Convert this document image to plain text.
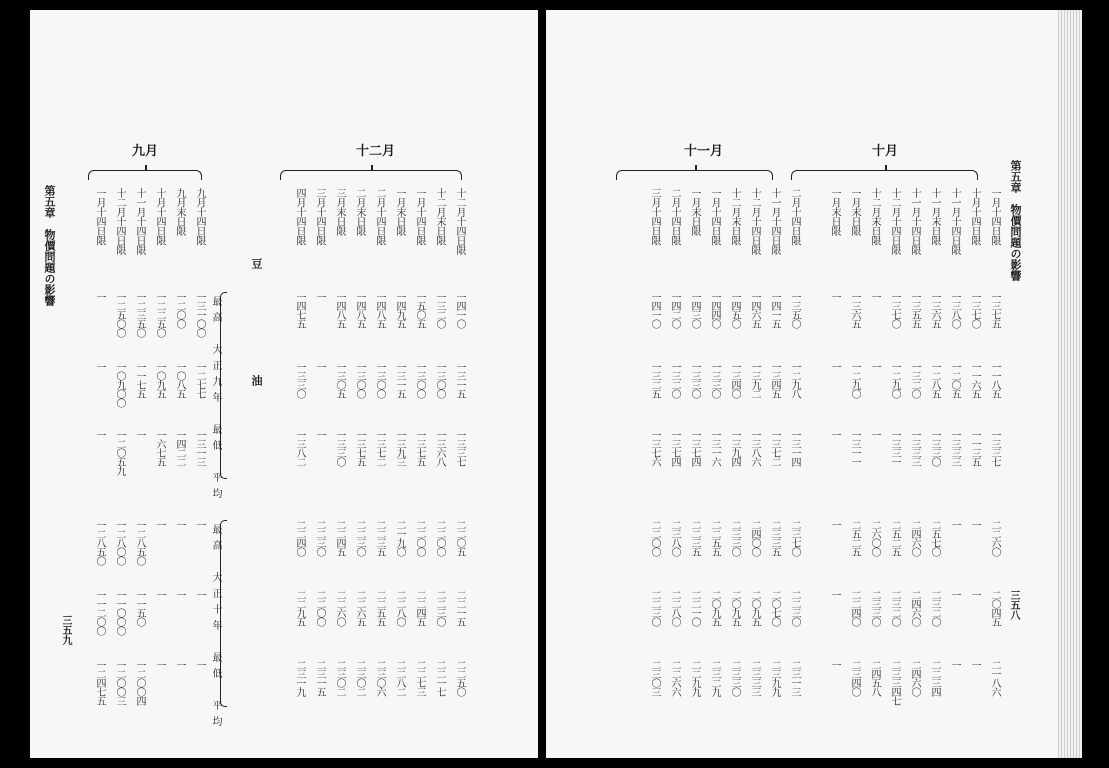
第五章　物價問題の影響
三五九
九月	十二月
豆　　油
最高　大正九年　最低　平均
最高　大正十年　最低　平均
十二月十四日限
一四一〇
一三一五
一三三七
二二〇五
二二一五
二二五〇
十二月末日限
一三二〇
一三〇〇
一三六八
二二〇〇
二二三〇
二二一七
一月十四日限
一五〇五
一三〇〇
一三七五
二二〇〇
二二四五
二二七三
一月末日限
一四九五
一三一五
一三九三
二一九〇
二二八〇
二二八二
二月十四日限
一四八五
一三〇〇
一三七二
二二三五
二二五五
二三〇六
二月末日限
一四八五
一三〇〇
一三七五
二二三〇
二二六五
二三〇二
三月末日限
一四八五
一三〇五
一三三〇
二二四五
二二六〇
二三〇二
三月十四日限
一
一
一
二二三〇
二二〇〇
二三一五
四月十四日限
一四七五
一三三〇
一三八二
二二四〇
二二九五
二三一九
九月十四日限
一三一〇〇
一二七七
一三一三
一
一
一
九月末日限
一二〇〇
一〇八五
一四二二
一
一
一
十月十四日限
一二二五〇
一〇九五
一六七五
一
一
一
十一月十四日限
一二三五〇
一一七五
一
一二八五〇
一一五〇
一二〇〇四
十二月十四日限
一二五〇〇
一〇九〇〇
一二〇五九
一二八〇〇
一一〇〇〇
一二〇〇三
一月十四日限
一
一
一
一二八五〇
一一二〇〇
一二四七五
第五章　物價問題の影響
三五八
十一月	十月
一月十四日限
一三七五
一一八五
一三三七
二二六〇
二〇四五
二一八六
十月十四日限
一三七〇
一一六五
一一三五
一
一
一
十一月十四日限
一三八〇
一二〇五
一三三三
一
一
一
十一月末日限
一三六五
一二八五
一三三〇
二五七〇
二三二〇
二二三四
十一月十四日限
一三五五
一三二〇
一三三三
二四六〇
二四六〇
二四六〇
十二月十四日限
一三七〇
一二九〇
一三三一
二五二五
二三二〇
二三三四七
十二月末日限
一
一
一
二六〇〇
二三三〇
二四五八
一月末日限
一三六五
一二九〇
一三一一
二五二五
二二四〇
二三四〇
一月末日限
一
一
一
一
一
一
二月十四日限
一三五〇
一二九八
一三一四
二三七〇
二二三〇
二三一三
十一月十四日限
一四一五
一三四五
一三七二
二三三五
二〇七〇
二三九九
十二月十四日限
一四六五
一三九二
一三八六
二四〇〇
二〇九五
二三三三
十二月末日限
一四五〇
一三四〇
一三九四
二三三〇
二〇九五
二三三〇
一月十四日限
一四四〇
一三三〇
一三一六
二二五五
二〇九五
二三二九
一月末日限
一四三〇
一三三〇
一三七四
二二三五
二二一〇
二二九九
二月十四日限
一四二〇
一三二〇
一三七四
二三八〇
二二八〇
二二六六
三月十四日限
一四一〇
一三二五
一三七六
二二〇〇
二二三〇
二三〇三
